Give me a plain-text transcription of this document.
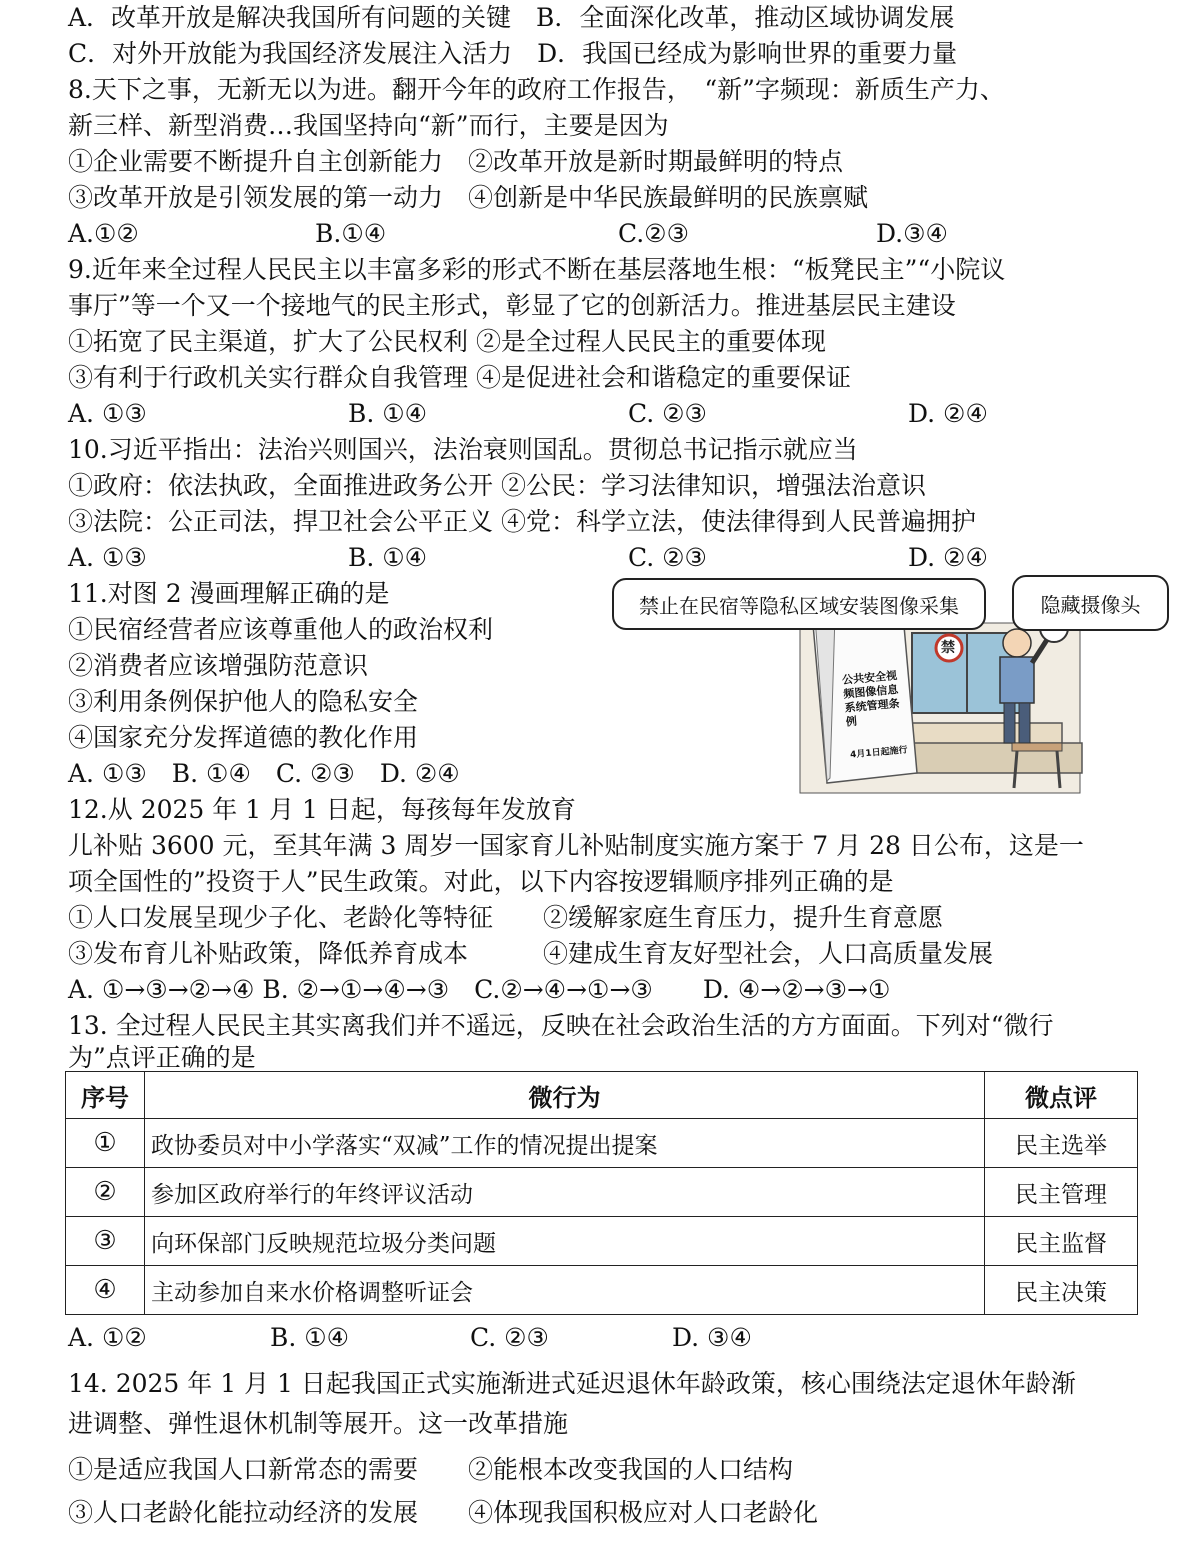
A．改革开放是解决我国所有问题的关键　B．全面深化改革，推动区域协调发展
C．对外开放能为我国经济发展注入活力　D．我国已经成为影响世界的重要力量
8.天下之事，无新无以为进。翻开今年的政府工作报告，　“新”字频现：新质生产力、
新三样、新型消费…我国坚持向“新”而行，主要是因为
①企业需要不断提升自主创新能力　②改革开放是新时期最鲜明的特点
③改革开放是引领发展的第一动力　④创新是中华民族最鲜明的民族禀赋
9.近年来全过程人民民主以丰富多彩的形式不断在基层落地生根：“板凳民主”“小院议
事厅”等一个又一个接地气的民主形式，彰显了它的创新活力。推进基层民主建设
①拓宽了民主渠道，扩大了公民权利 ②是全过程人民民主的重要体现
③有利于行政机关实行群众自我管理 ④是促进社会和谐稳定的重要保证
10.习近平指出：法治兴则国兴，法治衰则国乱。贯彻总书记指示就应当
①政府：依法执政，全面推进政务公开 ②公民：学习法律知识，增强法治意识
③法院：公正司法，捍卫社会公平正义 ④党：科学立法，使法律得到人民普遍拥护
11.对图 2 漫画理解正确的是
①民宿经营者应该尊重他人的政治权利
②消费者应该增强防范意识
③利用条例保护他人的隐私安全
④国家充分发挥道德的教化作用
A. ①③　B. ①④　C. ②③　D. ②④
12.从 2025 年 1 月 1 日起，每孩每年发放育
儿补贴 3600 元，至其年满 3 周岁一国家育儿补贴制度实施方案于 7 月 28 日公布，这是一
项全国性的”投资于人”民生政策。对此，以下内容按逻辑顺序排列正确的是
①人口发展呈现少子化、老龄化等特征　　②缓解家庭生育压力，提升生育意愿
③发布育儿补贴政策，降低养育成本　　　④建成生育友好型社会，人口高质量发展
A. ①→③→②→④ B. ②→①→④→③　C.②→④→①→③　　D. ④→②→③→①
13. 全过程人民民主其实离我们并不遥远，反映在社会政治生活的方方面面。下列对“微行
为”点评正确的是
14. 2025 年 1 月 1 日起我国正式实施渐进式延迟退休年龄政策，核心围绕法定退休年龄渐
进调整、弹性退休机制等展开。这一改革措施
①是适应我国人口新常态的需要　　②能根本改变我国的人口结构
③人口老龄化能拉动经济的发展　　④体现我国积极应对人口老龄化
A.①②	B.①④	C.②③	D.③④
A. ①③	B. ①④	C. ②③	D. ②④
A. ①③	B. ①④	C. ②③	D. ②④
A. ①②	B. ①④	C. ②③	D. ③④
禁止在民宿等隐私区域安装图像采集	隐藏摄像头
公共安全视频图像信息系统管理条例
4月1日起施行
禁
序号	微行为	微点评
①	政协委员对中小学落实“双减”工作的情况提出提案	民主选举
②	参加区政府举行的年终评议活动	民主管理
③	向环保部门反映规范垃圾分类问题	民主监督
④	主动参加自来水价格调整听证会	民主决策
